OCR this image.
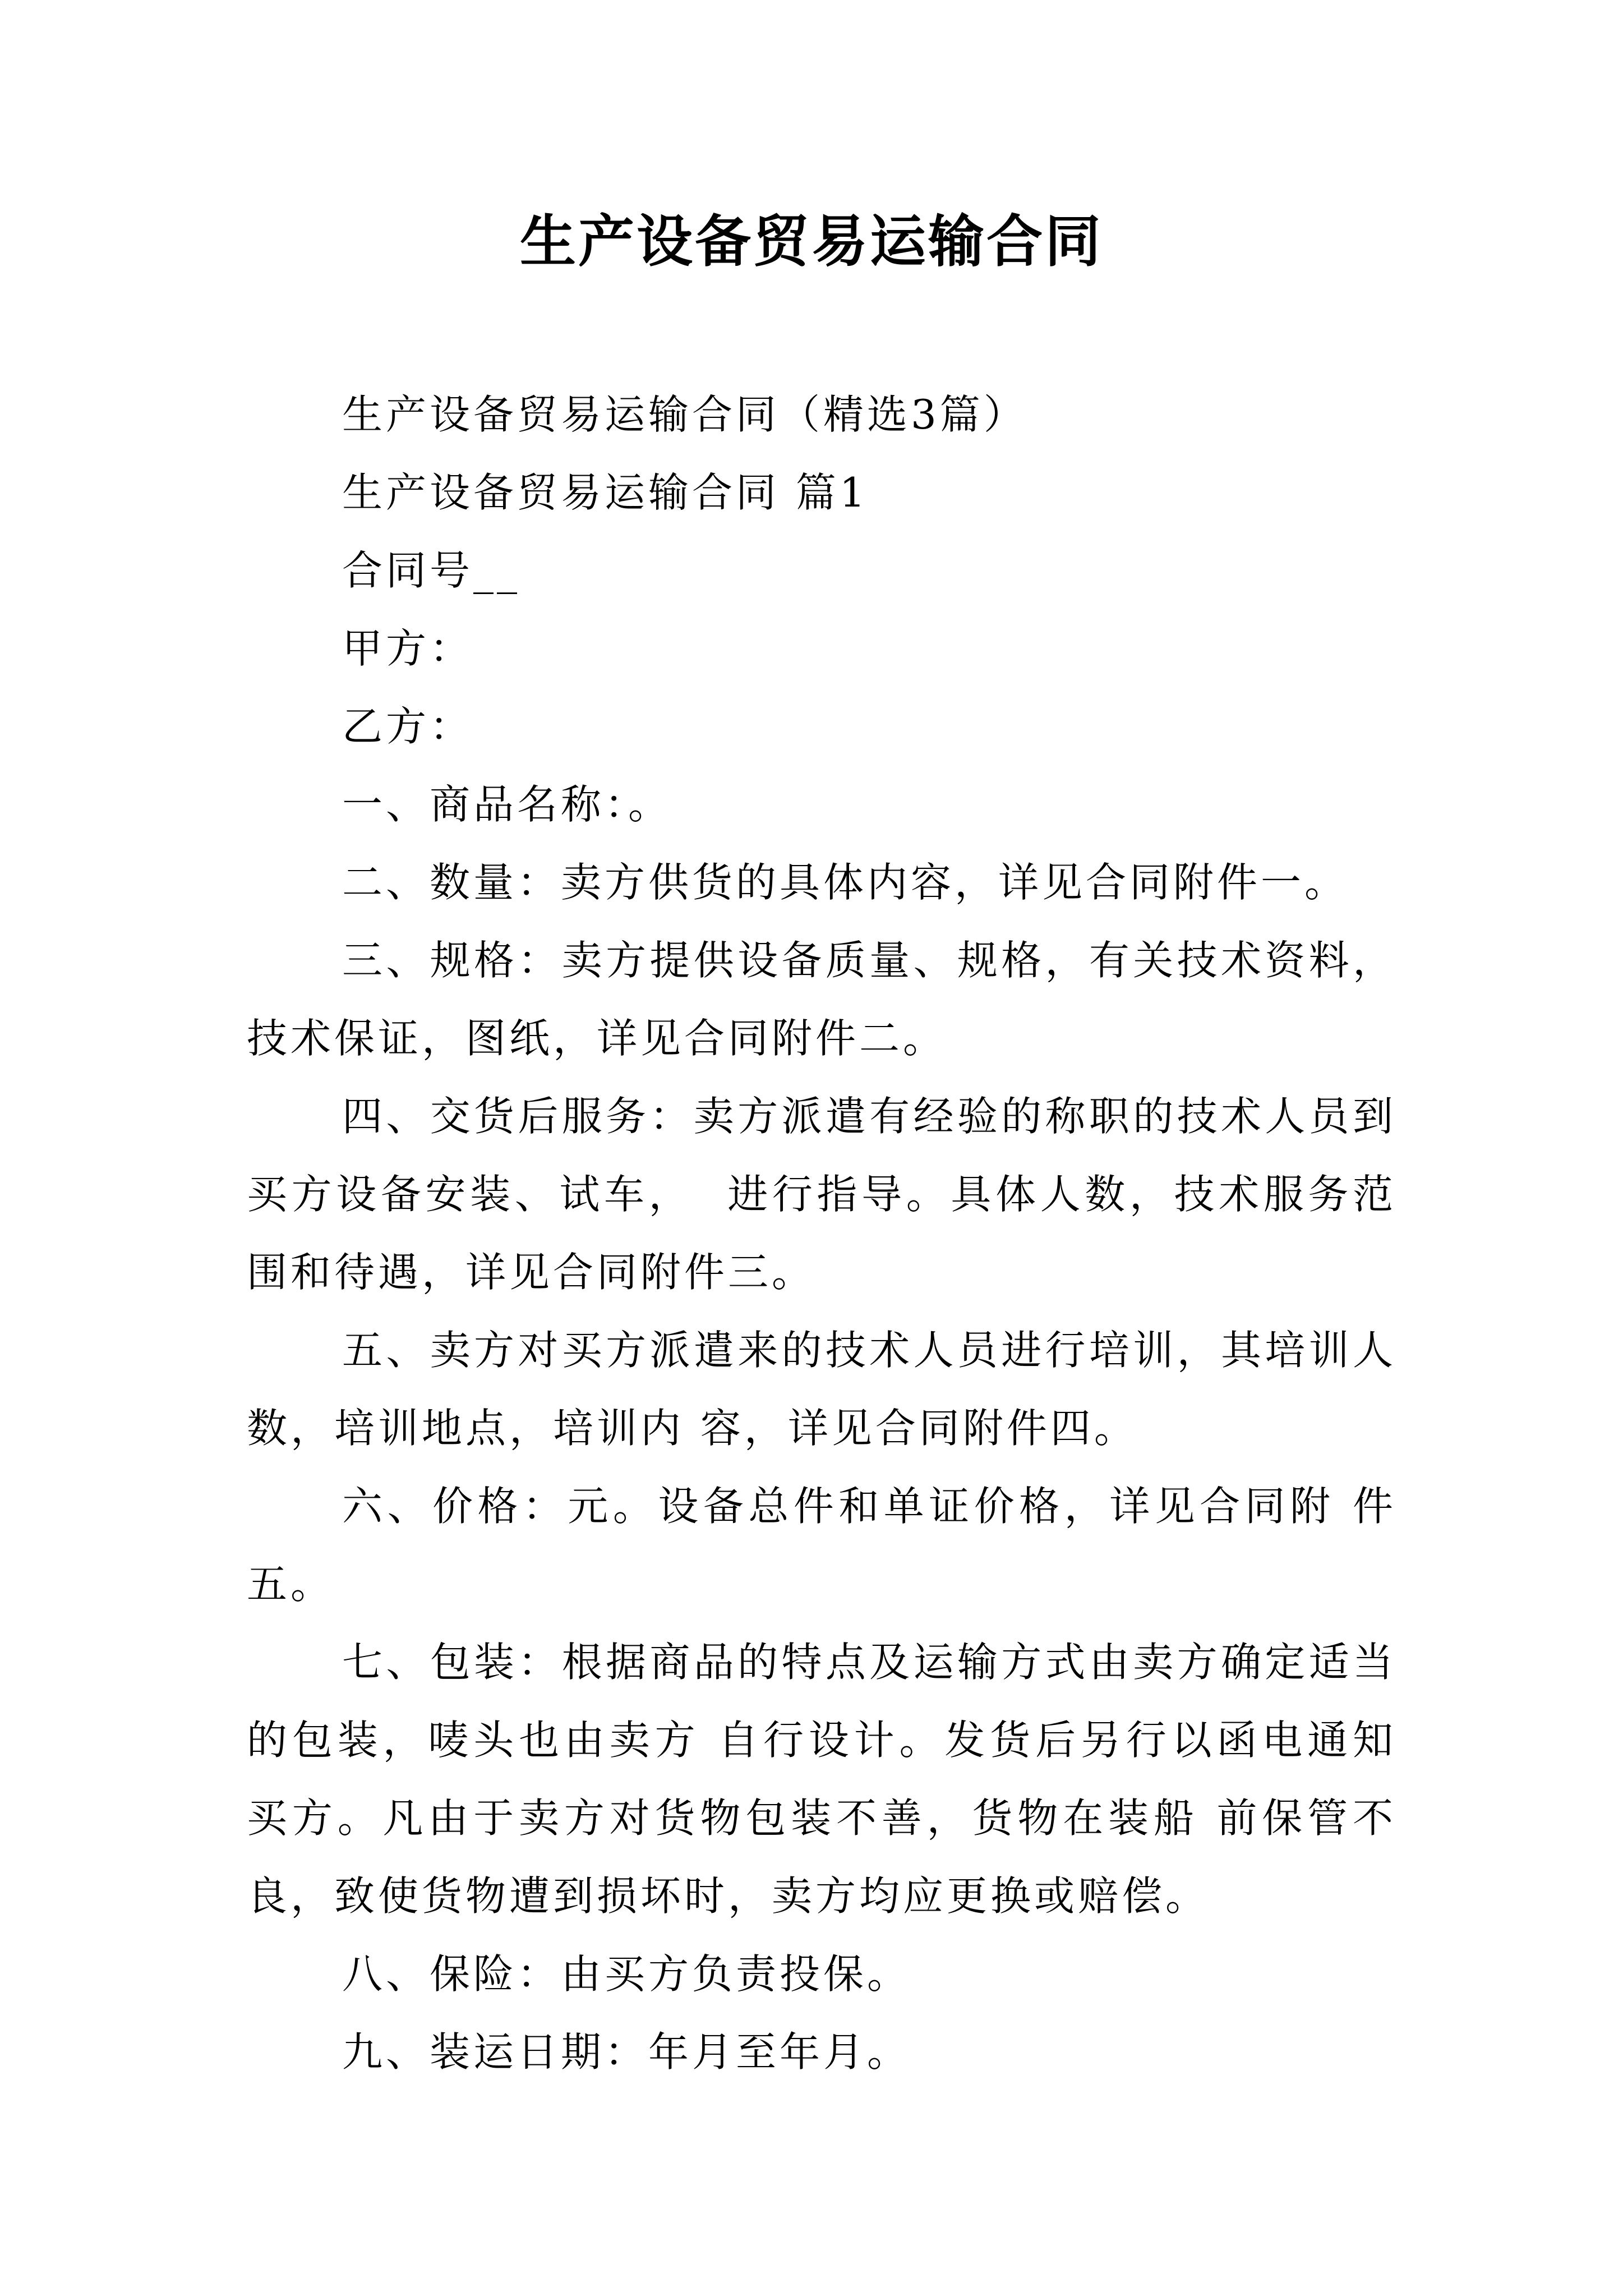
生产设备贸易运输合同

生产设备贸易运输合同（精选3篇）

生产设备贸易运输合同 篇1

合同号__

甲方：

乙方：

一、商品名称：。

二、数量：卖方供货的具体内容，详见合同附件一。

三、规格：卖方提供设备质量、规格，有关技术资料，技术保证，图纸，详见合同附件二。

四、交货后服务：卖方派遣有经验的称职的技术人员到买方设备安装、试车，  进行指导。具体人数，技术服务范围和待遇，详见合同附件三。

五、卖方对买方派遣来的技术人员进行培训，其培训人数，培训地点，培训内 容，详见合同附件四。

六、价格：元。设备总件和单证价格，详见合同附 件五。

七、包装：根据商品的特点及运输方式由卖方确定适当的包装，唛头也由卖方 自行设计。发货后另行以函电通知买方。凡由于卖方对货物包装不善，货物在装船 前保管不良，致使货物遭到损坏时，卖方均应更换或赔偿。

八、保险：由买方负责投保。

九、装运日期：年月至年月。
